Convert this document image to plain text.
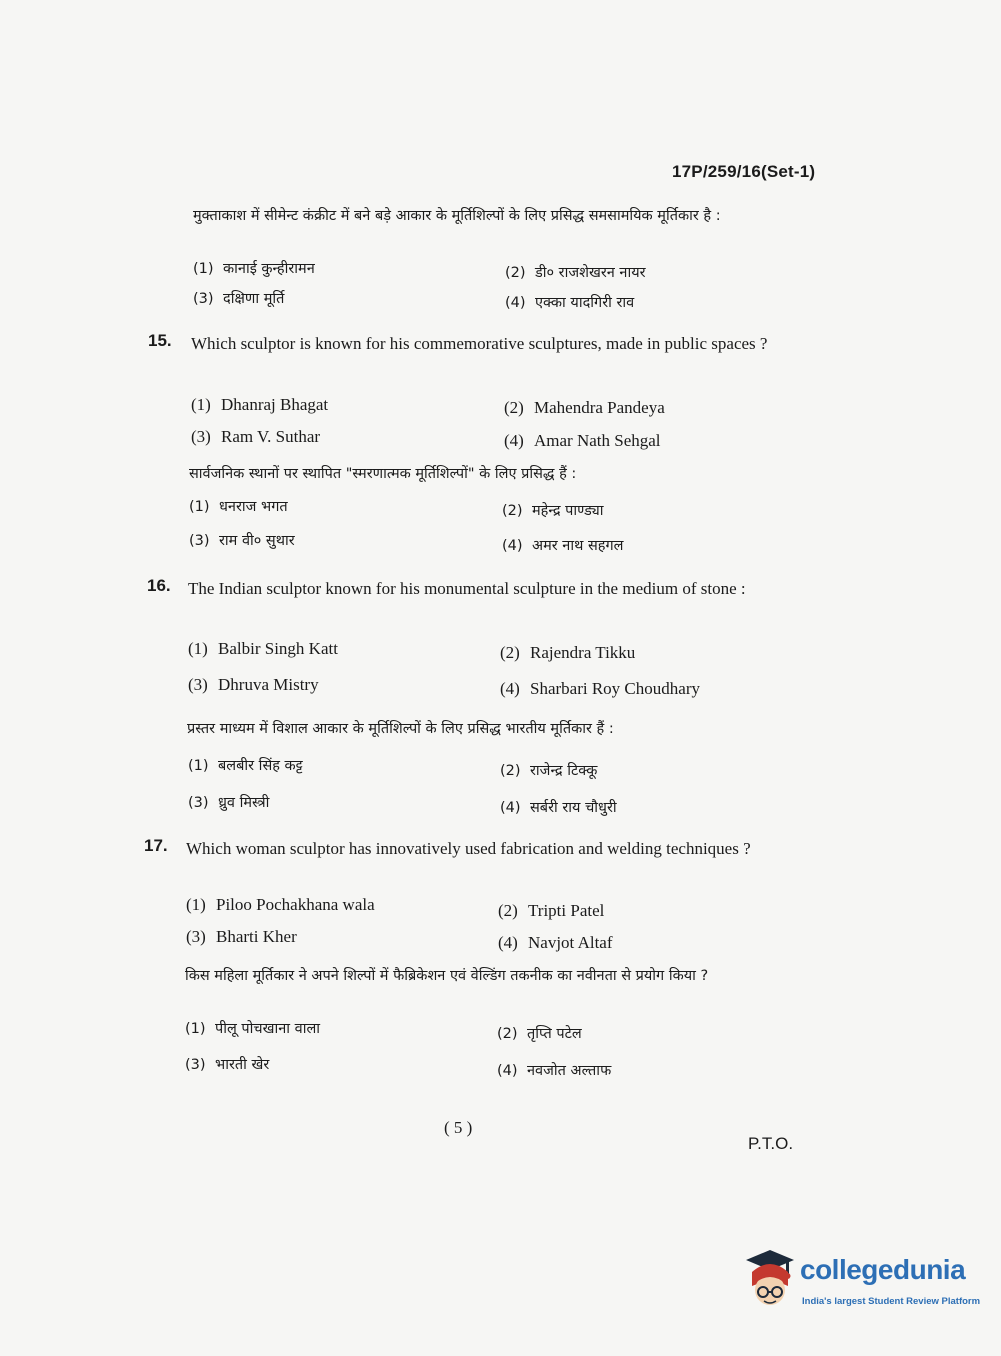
17P/259/16(Set-1)
मुक्ताकाश में सीमेन्ट कंक्रीट में बने बड़े आकार के मूर्तिशिल्पों के लिए प्रसिद्ध समसामयिक मूर्तिकार है :
(1) कानाई कुन्हीरामन	(2) डी० राजशेखरन नायर
(3) दक्षिणा मूर्ति	(4) एक्का यादगिरी राव
15. Which sculptor is known for his commemorative sculptures, made in public spaces ?
(1) Dhanraj Bhagat	(2) Mahendra Pandeya
(3) Ram V. Suthar	(4) Amar Nath Sehgal
सार्वजनिक स्थानों पर स्थापित "स्मरणात्मक मूर्तिशिल्पों" के लिए प्रसिद्ध हैं :
(1) धनराज भगत	(2) महेन्द्र पाण्ड्या
(3) राम वी० सुथार	(4) अमर नाथ सहगल
16. The Indian sculptor known for his monumental sculpture in the medium of stone :
(1) Balbir Singh Katt	(2) Rajendra Tikku
(3) Dhruva Mistry	(4) Sharbari Roy Choudhary
प्रस्तर माध्यम में विशाल आकार के मूर्तिशिल्पों के लिए प्रसिद्ध भारतीय मूर्तिकार हैं :
(1) बलबीर सिंह कट्ट	(2) राजेन्द्र टिक्कू
(3) ध्रुव मिस्त्री	(4) सर्बरी राय चौधुरी
17. Which woman sculptor has innovatively used fabrication and welding techniques ?
(1) Piloo Pochakhana wala	(2) Tripti Patel
(3) Bharti Kher	(4) Navjot Altaf
किस महिला मूर्तिकार ने अपने शिल्पों में फैब्रिकेशन एवं वेल्डिंग तकनीक का नवीनता से प्रयोग किया ?
(1) पीलू पोचखाना वाला	(2) तृप्ति पटेल
(3) भारती खेर	(4) नवजोत अल्ताफ
( 5 )
P.T.O.
collegedunia
India's largest Student Review Platform
